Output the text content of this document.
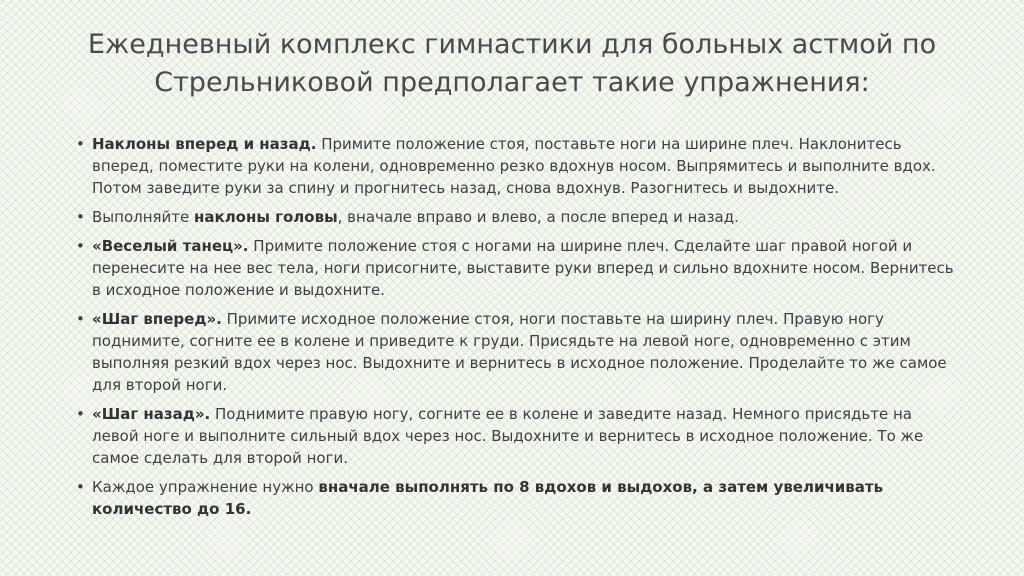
Ежедневный комплекс гимнастики для больных астмой по
Стрельниковой предполагает такие упражнения:
• Наклоны вперед и назад. Примите положение стоя, поставьте ноги на ширине плеч. Наклонитесь вперед, поместите руки на колени, одновременно резко вдохнув носом. Выпрямитесь и выполните вдох. Потом заведите руки за спину и прогнитесь назад, снова вдохнув. Разогнитесь и выдохните.
• Выполняйте наклоны головы, вначале вправо и влево, а после вперед и назад.
• «Веселый танец». Примите положение стоя с ногами на ширине плеч. Сделайте шаг правой ногой и перенесите на нее вес тела, ноги присогните, выставите руки вперед и сильно вдохните носом. Вернитесь в исходное положение и выдохните.
• «Шаг вперед». Примите исходное положение стоя, ноги поставьте на ширину плеч. Правую ногу поднимите, согните ее в колене и приведите к груди. Присядьте на левой ноге, одновременно с этим выполняя резкий вдох через нос. Выдохните и вернитесь в исходное положение. Проделайте то же самое для второй ноги.
• «Шаг назад». Поднимите правую ногу, согните ее в колене и заведите назад. Немного присядьте на левой ноге и выполните сильный вдох через нос. Выдохните и вернитесь в исходное положение. То же самое сделать для второй ноги.
• Каждое упражнение нужно вначале выполнять по 8 вдохов и выдохов, а затем увеличивать количество до 16.
